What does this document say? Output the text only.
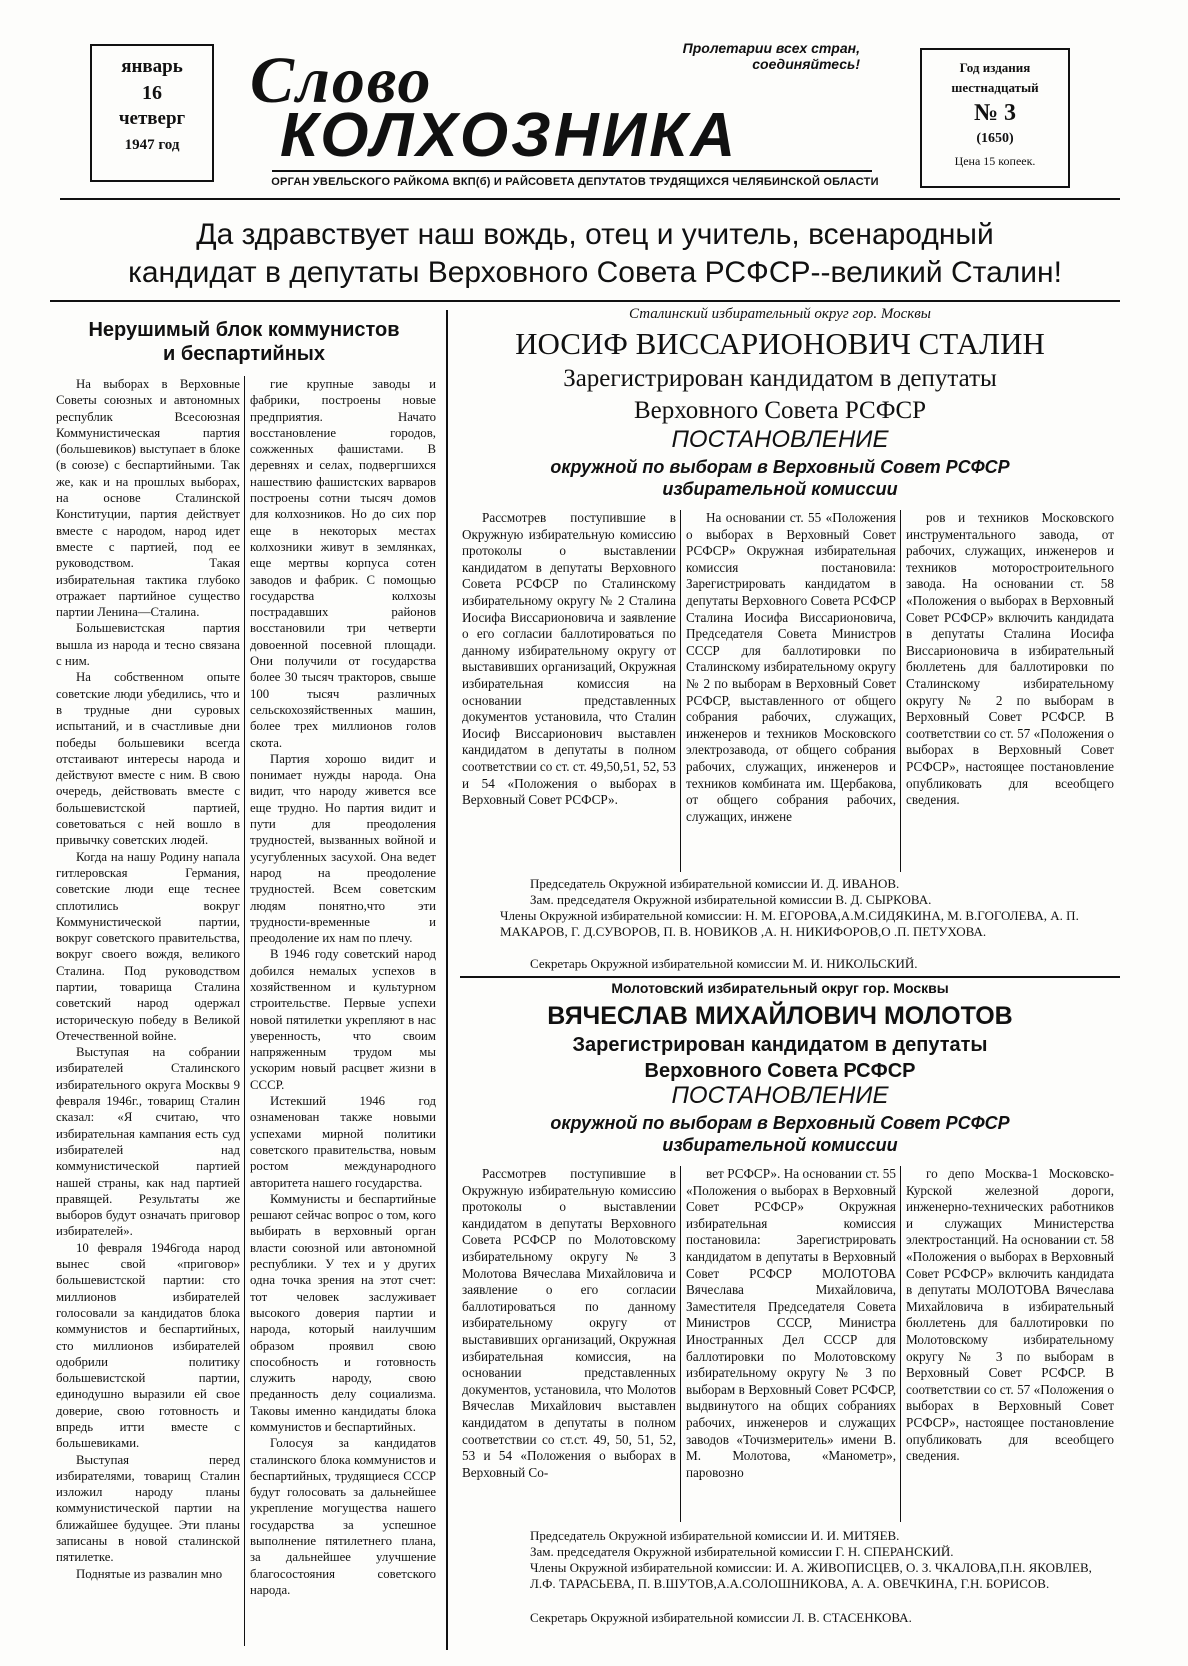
январь
16
четверг
1947 год
Пролетарии всех стран, соединяйтесь!
Слово
КОЛХОЗНИКА
ОРГАН УВЕЛЬСКОГО РАЙКОМА ВКП(б) И РАЙСОВЕТА ДЕПУТАТОВ ТРУДЯЩИХСЯ ЧЕЛЯБИНСКОЙ ОБЛАСТИ
Год издания
шестнадцатый
№ 3
(1650)
Цена 15 копеек.
Да здравствует наш вождь, отец и учитель, всенародный
кандидат в депутаты Верховного Совета РСФСР--великий Сталин!
Нерушимый блок коммунистов
и беспартийных

На выборах в Верховные Советы союзных и автономных республик Всесоюзная Коммунистическая партия (большевиков) выступает в блоке (в союзе) с беспартийными. Так же, как и на прошлых выборах, на основе Сталинской Конституции, партия действует вместе с народом, народ идет вместе с партией, под ее руководством. Такая избирательная тактика глубоко отражает партийное существо партии Ленина—Сталина.

Большевистская партия вышла из народа и тесно связана с ним.

На собственном опыте советские люди убедились, что и в трудные дни суровых испытаний, и в счастливые дни победы большевики всегда отстаивают интересы народа и действуют вместе с ним. В свою очередь, действовать вместе с большевистской партией, советоваться с ней вошло в привычку советских людей.

Когда на нашу Родину напала гитлеровская Германия, советские люди еще теснее сплотились вокруг Коммунистической партии, вокруг советского правительства, вокруг своего вождя, великого Сталина. Под руководством партии, товарища Сталина советский народ одержал историческую победу в Великой Отечественной войне.

Выступая на собрании избирателей Сталинского избирательного округа Москвы 9 февраля 1946г., товарищ Сталин сказал: «Я считаю, что избирательная кампания есть суд избирателей над коммунистической партией нашей страны, как над партией правящей. Результаты же выборов будут означать приговор избирателей».

10 февраля 1946года народ вынес свой «приговор» большевистской партии: сто миллионов избирателей голосовали за кандидатов блока коммунистов и беспартийных, сто миллионов избирателей одобрили политику большевистской партии, единодушно выразили ей свое доверие, свою готовность и впредь итти вместе с большевиками.

Выступая перед избирателями, товарищ Сталин изложил народу планы коммунистической партии на ближайшее будущее. Эти планы записаны в новой сталинской пятилетке.

Поднятые из развалин мно

гие крупные заводы и фабрики, построены новые предприятия. Начато восстановление городов, сожженных фашистами. В деревнях и селах, подвергшихся нашествию фашистских варваров построены сотни тысяч домов для колхозников. Но до сих пор еще в некоторых местах колхозники живут в землянках, еще мертвы корпуса сотен заводов и фабрик. С помощью государства колхозы пострадавших районов восстановили три четверти довоенной посевной площади. Они получили от государства более 30 тысяч тракторов, свыше 100 тысяч различных сельскохозяйственных машин, более трех миллионов голов скота.

Партия хорошо видит и понимает нужды народа. Она видит, что народу живется все еще трудно. Но партия видит и пути для преодоления трудностей, вызванных войной и усугубленных засухой. Она ведет народ на преодоление трудностей. Всем советским людям понятно,что эти трудности-временные и преодоление их нам по плечу.

В 1946 году советский народ добился немалых успехов в хозяйственном и культурном строительстве. Первые успехи новой пятилетки укрепляют в нас уверенность, что своим напряженным трудом мы ускорим новый расцвет жизни в СССР.

Истекший 1946 год ознаменован также новыми успехами мирной политики советского правительства, новым ростом международного авторитета нашего государства.

Коммунисты и беспартийные решают сейчас вопрос о том, кого выбирать в верховный орган власти союзной или автономной республики. У тех и у других одна точка зрения на этот счет: тот человек заслуживает высокого доверия партии и народа, который наилучшим образом проявил свою способность и готовность служить народу, свою преданность делу социализма. Таковы именно кандидаты блока коммунистов и беспартийных.

Голосуя за кандидатов сталинского блока коммунистов и беспартийных, трудящиеся СССР будут голосовать за дальнейшее укрепление могущества нашего государства за успешное выполнение пятилетнего плана, за дальнейшее улучшение благосостояния советского народа.

Сталинский избирательный округ гор. Москвы
ИОСИФ ВИССАРИОНОВИЧ СТАЛИН
Зарегистрирован кандидатом в депутаты
Верховного Совета РСФСР
ПОСТАНОВЛЕНИЕ
окружной по выборам в Верховный Совет РСФСР
избирательной комиссии

Рассмотрев поступившие в Окружную избирательную комиссию протоколы о выставлении кандидатом в депутаты Верховного Совета РСФСР по Сталинскому избирательному округу № 2 Сталина Иосифа Виссарионовича и заявление о его согласии баллотироваться по данному избирательному округу от выставивших организаций, Окружная избирательная комиссия на основании представленных документов установила, что Сталин Иосиф Виссарионович выставлен кандидатом в депутаты в полном соответствии со ст. ст. 49,50,51, 52, 53 и 54 «Положения о выборах в Верховный Совет РСФСР».

На основании ст. 55 «Положения о выборах в Верховный Совет РСФСР» Окружная избирательная комиссия постановила: Зарегистрировать кандидатом в депутаты Верховного Совета РСФСР Сталина Иосифа Виссарионовича, Председателя Совета Министров СССР для баллотировки по Сталинскому избирательному округу № 2 по выборам в Верховный Совет РСФСР, выставленного от общего собрания рабочих, служащих, инженеров и техников Московского электрозавода, от общего собрания рабочих, служащих, инженеров и техников комбината им. Щербакова, от общего собрания рабочих, служащих, инжене

ров и техников Московского инструментального завода, от рабочих, служащих, инженеров и техников моторостроительного завода. На основании ст. 58 «Положения о выборах в Верховный Совет РСФСР» включить кандидата в депутаты Сталина Иосифа Виссарионовича в избирательный бюллетень для баллотировки по Сталинскому избирательному округу № 2 по выборам в Верховный Совет РСФСР. В соответствии со ст. 57 «Положения о выборах в Верховный Совет РСФСР», настоящее постановление опубликовать для всеобщего сведения.

Председатель Окружной избирательной комиссии И. Д. ИВАНОВ.
Зам. председателя Окружной избирательной комиссии В. Д. СЫРКОВА.
Члены Окружной избирательной комиссии: Н. М. ЕГОРОВА,А.М.СИДЯКИНА, М. В.ГОГОЛЕВА, А. П. МАКАРОВ, Г. Д.СУВОРОВ, П. В. НОВИКОВ ,А. Н. НИКИФОРОВ,О .П. ПЕТУХОВА.
Секретарь Окружной избирательной комиссии М. И. НИКОЛЬСКИЙ.
Молотовский избирательный округ гор. Москвы
ВЯЧЕСЛАВ МИХАЙЛОВИЧ МОЛОТОВ
Зарегистрирован кандидатом в депутаты
Верховного Совета РСФСР
ПОСТАНОВЛЕНИЕ
окружной по выборам в Верховный Совет РСФСР
избирательной комиссии

Рассмотрев поступившие в Окружную избирательную комиссию протоколы о выставлении кандидатом в депутаты Верховного Совета РСФСР по Молотовскому избирательному округу № 3 Молотова Вячеслава Михайловича и заявление о его согласии баллотироваться по данному избирательному округу от выставивших организаций, Окружная избирательная комиссия, на основании представленных документов, установила, что Молотов Вячеслав Михайлович выставлен кандидатом в депутаты в полном соответствии со ст.ст. 49, 50, 51, 52, 53 и 54 «Положения о выборах в Верховный Со-

вет РСФСР». На основании ст. 55 «Положения о выборах в Верховный Совет РСФСР» Окружная избирательная комиссия постановила: Зарегистрировать кандидатом в депутаты в Верховный Совет РСФСР МОЛОТОВА Вячеслава Михайловича, Заместителя Председателя Совета Министров СССР, Министра Иностранных Дел СССР для баллотировки по Молотовскому избирательному округу № 3 по выборам в Верховный Совет РСФСР, выдвинутого на общих собраниях рабочих, инженеров и служащих заводов «Точизмеритель» имени В. М. Молотова, «Манометр», паровозно

го депо Москва-1 Московско-Курской железной дороги, инженерно-технических работников и служащих Министерства электростанций. На основании ст. 58 «Положения о выборах в Верховный Совет РСФСР» включить кандидата в депутаты МОЛОТОВА Вячеслава Михайловича в избирательный бюллетень для баллотировки по Молотовскому избирательному округу № 3 по выборам в Верховный Совет РСФСР. В соответствии со ст. 57 «Положения о выборах в Верховный Совет РСФСР», настоящее постановление опубликовать для всеобщего сведения.

Председатель Окружной избирательной комиссии И. И. МИТЯЕВ.
Зам. председателя Окружной избирательной комиссии Г. Н. СПЕРАНСКИЙ.
Члены Окружной избирательной комиссии: И. А. ЖИВОПИСЦЕВ, О. З. ЧКАЛОВА,П.Н. ЯКОВЛЕВ, Л.Ф. ТАРАСЬЕВА, П. В.ШУТОВ,А.А.СОЛОШНИКОВА, А. А. ОВЕЧКИНА, Г.Н. БОРИСОВ.
Секретарь Окружной избирательной комиссии Л. В. СТАСЕНКОВА.
